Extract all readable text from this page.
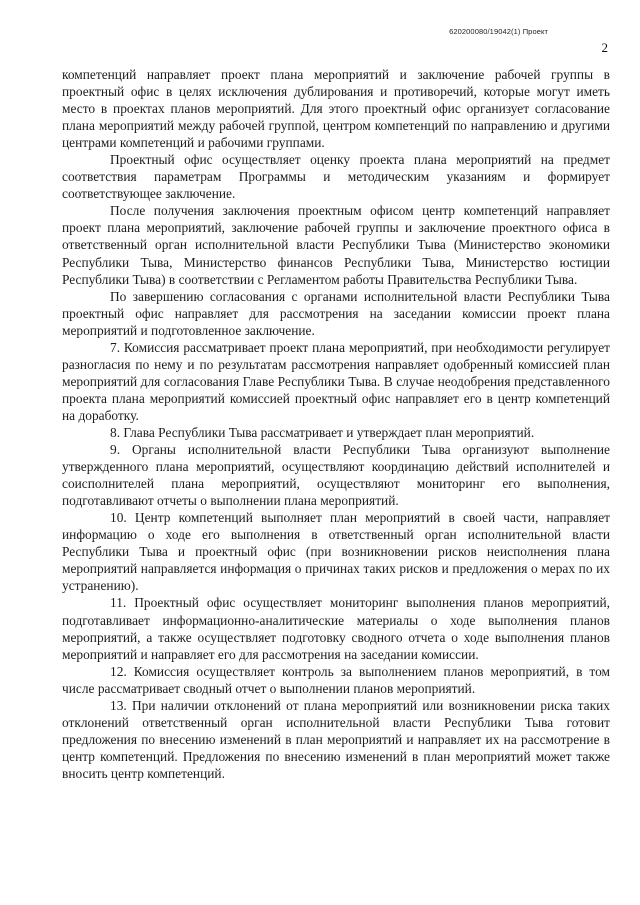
620200080/19042(1) Проект
2

компетенций направляет проект плана мероприятий и заключение рабочей группы в проектный офис в целях исключения дублирования и противоречий, которые могут иметь место в проектах планов мероприятий. Для этого проектный офис организует согласование плана мероприятий между рабочей группой, центром компетенций по направлению и другими центрами компетенций и рабочими группами.

Проектный офис осуществляет оценку проекта плана мероприятий на предмет соответствия параметрам Программы и методическим указаниям и формирует соответствующее заключение.

После получения заключения проектным офисом центр компетенций направляет проект плана мероприятий, заключение рабочей группы и заключение проектного офиса в ответственный орган исполнительной власти Республики Тыва (Министерство экономики Республики Тыва, Министерство финансов Республики Тыва, Министерство юстиции Республики Тыва) в соответствии с Регламентом работы Правительства Республики Тыва.

По завершению согласования с органами исполнительной власти Республики Тыва проектный офис направляет для рассмотрения на заседании комиссии проект плана мероприятий и подготовленное заключение.

7. Комиссия рассматривает проект плана мероприятий, при необходимости регулирует разногласия по нему и по результатам рассмотрения направляет одобренный комиссией план мероприятий для согласования Главе Республики Тыва. В случае неодобрения представленного проекта плана мероприятий комиссией проектный офис направляет его в центр компетенций на доработку.

8. Глава Республики Тыва рассматривает и утверждает план мероприятий.

9. Органы исполнительной власти Республики Тыва организуют выполнение утвержденного плана мероприятий, осуществляют координацию действий исполнителей и соисполнителей плана мероприятий, осуществляют мониторинг его выполнения, подготавливают отчеты о выполнении плана мероприятий.

10. Центр компетенций выполняет план мероприятий в своей части, направляет информацию о ходе его выполнения в ответственный орган исполнительной власти Республики Тыва и проектный офис (при возникновении рисков неисполнения плана мероприятий направляется информация о причинах таких рисков и предложения о мерах по их устранению).

11. Проектный офис осуществляет мониторинг выполнения планов мероприятий, подготавливает информационно-аналитические материалы о ходе выполнения планов мероприятий, а также осуществляет подготовку сводного отчета о ходе выполнения планов мероприятий и направляет его для рассмотрения на заседании комиссии.

12. Комиссия осуществляет контроль за выполнением планов мероприятий, в том числе рассматривает сводный отчет о выполнении планов мероприятий.

13. При наличии отклонений от плана мероприятий или возникновении риска таких отклонений ответственный орган исполнительной власти Республики Тыва готовит предложения по внесению изменений в план мероприятий и направляет их на рассмотрение в центр компетенций. Предложения по внесению изменений в план мероприятий может также вносить центр компетенций.
